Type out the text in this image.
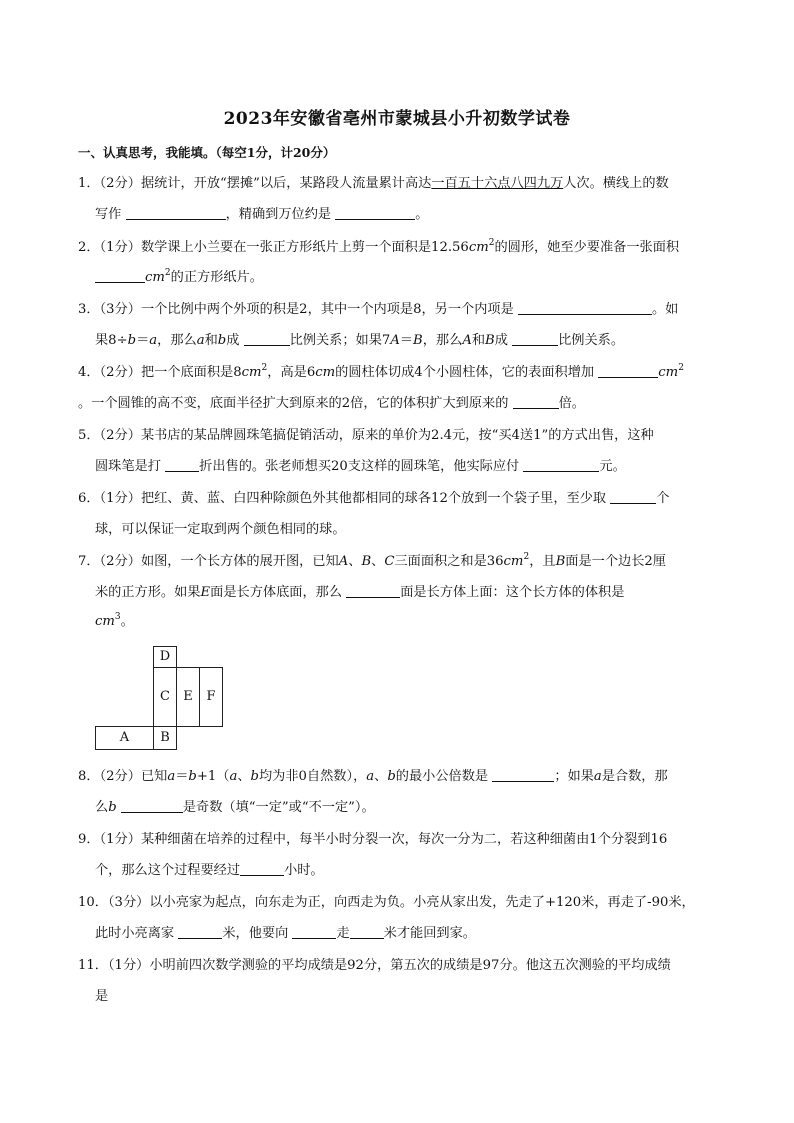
2023年安徽省亳州市蒙城县小升初数学试卷
一、认真思考，我能填。（每空1分，计20分）
1．（2分）据统计，开放“摆摊”以后，某路段人流量累计高达一百五十六点八四九万人次。横线上的数
写作	，精确到万位约是	。
2．（1分）数学课上小兰要在一张正方形纸片上剪一个面积是$12.56cm^2$的圆形，她至少要准备一张面积
$cm^2$的正方形纸片。
3．（3分）一个比例中两个外项的积是2，其中一个内项是8，另一个内项是	。如
果8÷b＝a，那么a和b成	比例关系；如果7A＝B，那么A和B成	比例关系。
4．（2分）把一个底面积是$8cm^2$，高是6cm的圆柱体切成4个小圆柱体，它的表面积增加	$cm^2$
。一个圆锥的高不变，底面半径扩大到原来的2倍，它的体积扩大到原来的	倍。
5．（2分）某书店的某品牌圆珠笔搞促销活动，原来的单价为2.4元，按“买4送1”的方式出售，这种
圆珠笔是打	折出售的。张老师想买20支这样的圆珠笔，他实际应付	元。
6．（1分）把红、黄、蓝、白四种除颜色外其他都相同的球各12个放到一个袋子里，至少取	个
球，可以保证一定取到两个颜色相同的球。
7．（2分）如图，一个长方体的展开图，已知A、B、C三面面积之和是$36cm^2$，且B面是一个边长2厘
米的正方形。如果E面是长方体底面，那么	面是长方体上面：这个长方体的体积是
$cm^3$。
D
C	E	F
A	B
8．（2分）已知a＝b+1（a、b均为非0自然数），a、b的最小公倍数是	；如果a是合数，那
么b	是奇数（填“一定”或“不一定”）。
9．（1分）某种细菌在培养的过程中，每半小时分裂一次，每次一分为二，若这种细菌由1个分裂到16
个，那么这个过程要经过	小时。
10．（3分）以小亮家为起点，向东走为正，向西走为负。小亮从家出发，先走了+120米，再走了-90米，
此时小亮离家	米，他要向	走	米才能回到家。
11．（1分）小明前四次数学测验的平均成绩是92分，第五次的成绩是97分。他这五次测验的平均成绩
是
